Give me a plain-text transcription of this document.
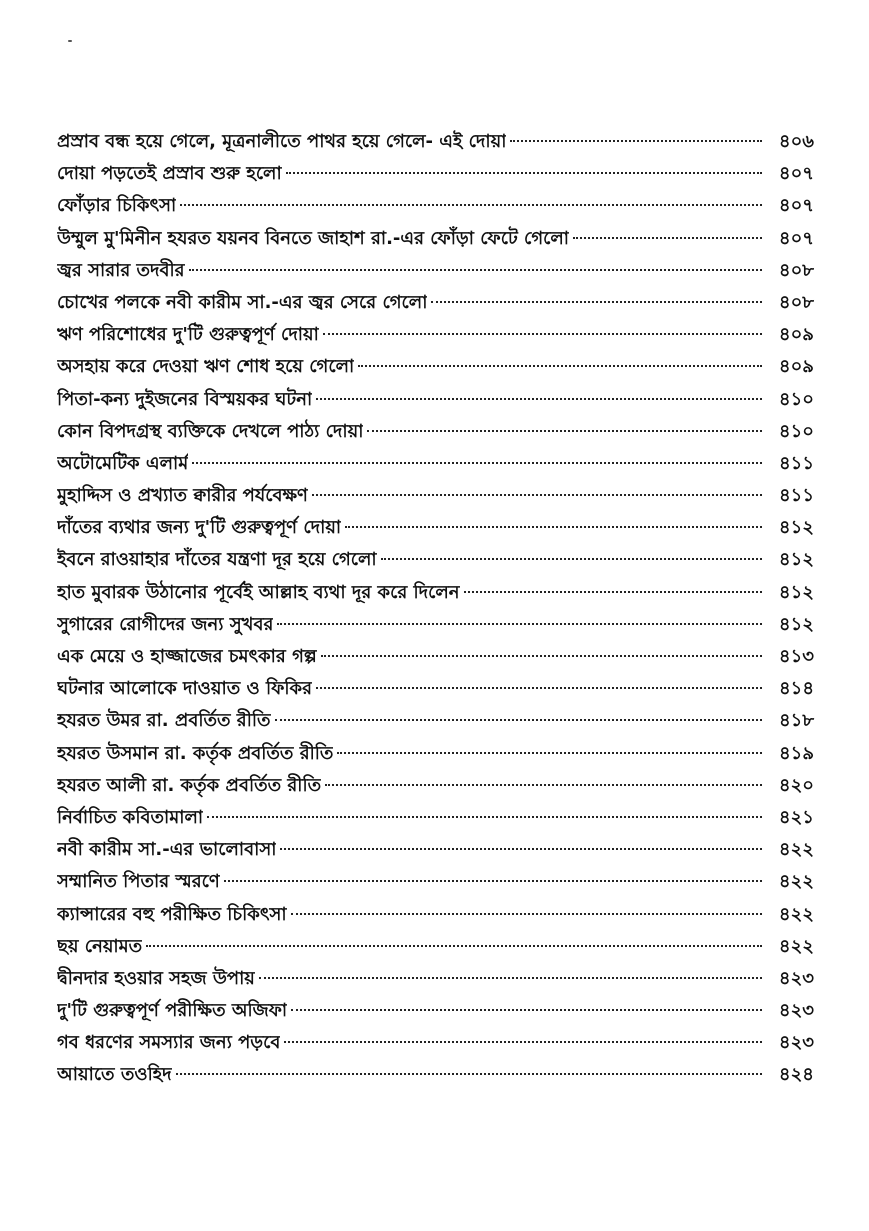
প্রস্রাব বন্ধ হয়ে গেলে, মূত্রনালীতে পাথর হয়ে গেলে- এই দোয়া	৪০৬
দোয়া পড়তেই প্রস্রাব শুরু হলো	৪০৭
ফোঁড়ার চিকিৎসা	৪০৭
উম্মুল মু'মিনীন হযরত যয়নব বিনতে জাহাশ রা.-এর ফোঁড়া ফেটে গেলো	৪০৭
জ্বর সারার তদবীর	৪০৮
চোখের পলকে নবী কারীম সা.-এর জ্বর সেরে গেলো	৪০৮
ঋণ পরিশোধের দু'টি গুরুত্বপূর্ণ দোয়া	৪০৯
অসহায় করে দেওয়া ঋণ শোধ হয়ে গেলো	৪০৯
পিতা-কন্য দুইজনের বিস্ময়কর ঘটনা	৪১০
কোন বিপদগ্রস্থ ব্যক্তিকে দেখলে পাঠ্য দোয়া	৪১০
অটোমেটিক এলার্ম	৪১১
মুহাদ্দিস ও প্রখ্যাত ক্বারীর পর্যবেক্ষণ	৪১১
দাঁতের ব্যথার জন্য দু'টি গুরুত্বপূর্ণ দোয়া	৪১২
ইবনে রাওয়াহার দাঁতের যন্ত্রণা দূর হয়ে গেলো	৪১২
হাত মুবারক উঠানোর পূর্বেই আল্লাহ ব্যথা দূর করে দিলেন	৪১২
সুগারের রোগীদের জন্য সুখবর	৪১২
এক মেয়ে ও হাজ্জাজের চমৎকার গল্প	৪১৩
ঘটনার আলোকে দাওয়াত ও ফিকির	৪১৪
হযরত উমর রা. প্রবর্তিত রীতি	৪১৮
হযরত উসমান রা. কর্তৃক প্রবর্তিত রীতি	৪১৯
হযরত আলী রা. কর্তৃক প্রবর্তিত রীতি	৪২০
নির্বাচিত কবিতামালা	৪২১
নবী কারীম সা.-এর ভালোবাসা	৪২২
সম্মানিত পিতার স্মরণে	৪২২
ক্যান্সারের বহু পরীক্ষিত চিকিৎসা	৪২২
ছয় নেয়ামত	৪২২
দ্বীনদার হওয়ার সহজ উপায়	৪২৩
দু'টি গুরুত্বপূর্ণ পরীক্ষিত অজিফা	৪২৩
গব ধরণের সমস্যার জন্য পড়বে	৪২৩
আয়াতে তওহিদ	৪২৪
